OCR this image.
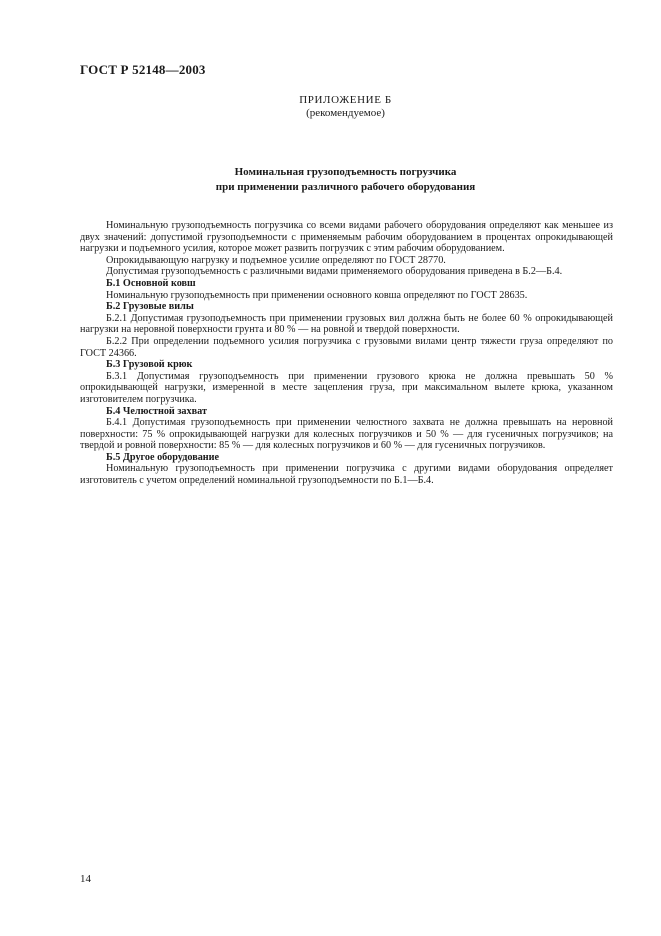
ГОСТ Р 52148—2003
ПРИЛОЖЕНИЕ Б
(рекомендуемое)
Номинальная грузоподъемность погрузчика
при применении различного рабочего оборудования

Номинальную грузоподъемность погрузчика со всеми видами рабочего оборудования определяют как меньшее из двух значений: допустимой грузоподъемности с применяемым рабочим оборудованием в процентах опрокидывающей нагрузки и подъемного усилия, которое может развить погрузчик с этим рабочим оборудованием.

Опрокидывающую нагрузку и подъемное усилие определяют по ГОСТ 28770.

Допустимая грузоподъемность с различными видами применяемого оборудования приведена в Б.2—Б.4.

Б.1 Основной ковш

Номинальную грузоподъемность при применении основного ковша определяют по ГОСТ 28635.

Б.2 Грузовые вилы

Б.2.1 Допустимая грузоподъемность при применении грузовых вил должна быть не более 60 % опрокидывающей нагрузки на неровной поверхности грунта и 80 % — на ровной и твердой поверхности.

Б.2.2 При определении подъемного усилия погрузчика с грузовыми вилами центр тяжести груза определяют по ГОСТ 24366.

Б.3 Грузовой крюк

Б.3.1 Допустимая грузоподъемность при применении грузового крюка не должна превышать 50 % опрокидывающей нагрузки, измеренной в месте зацепления груза, при максимальном вылете крюка, указанном изготовителем погрузчика.

Б.4 Челюстной захват

Б.4.1 Допустимая грузоподъемность при применении челюстного захвата не должна превышать на неровной поверхности: 75 % опрокидывающей нагрузки для колесных погрузчиков и 50 % — для гусеничных погрузчиков; на твердой и ровной поверхности: 85 % — для колесных погрузчиков и 60 % — для гусеничных погрузчиков.

Б.5 Другое оборудование

Номинальную грузоподъемность при применении погрузчика с другими видами оборудования определяет изготовитель с учетом определений номинальной грузоподъемности по Б.1—Б.4.

14
